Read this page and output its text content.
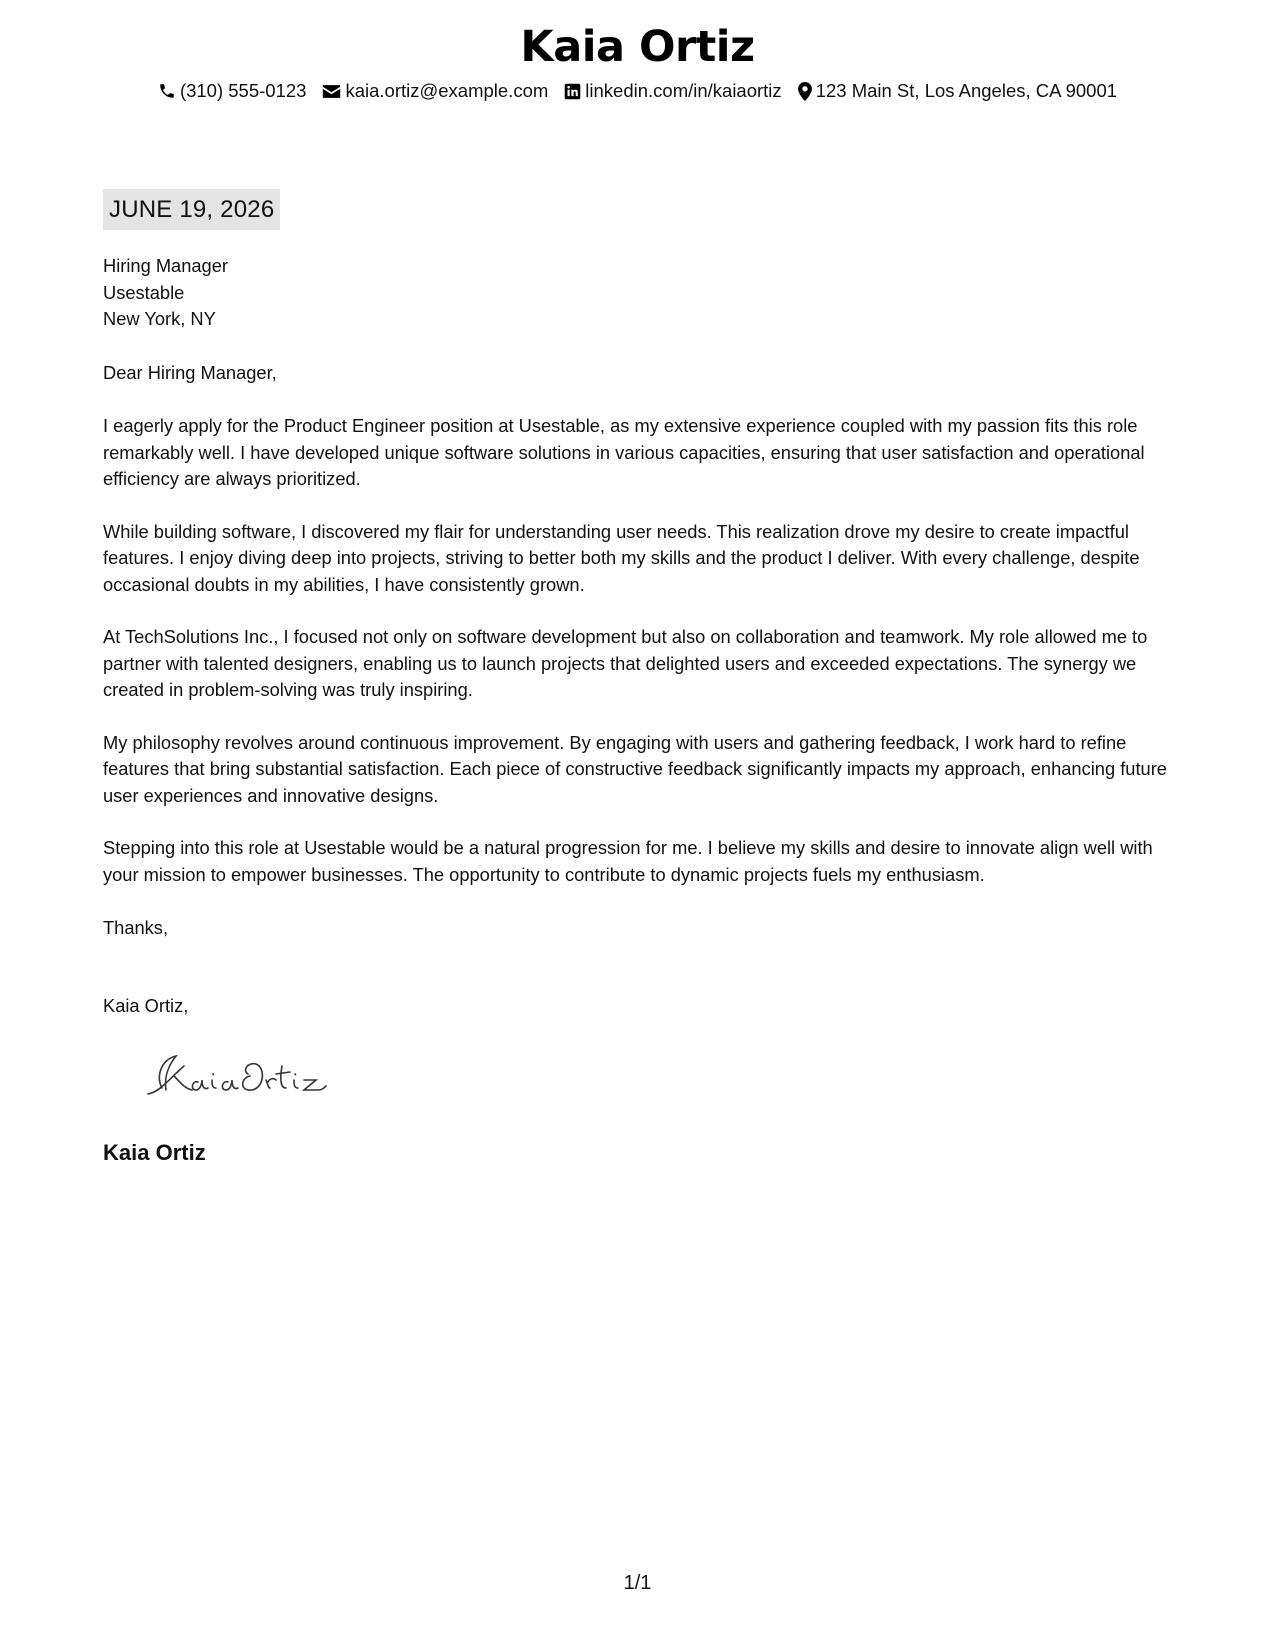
Kaia Ortiz
(310) 555-0123 kaia.ortiz@example.com linkedin.com/in/kaiaortiz 123 Main St, Los Angeles, CA 90001
JUNE 19, 2026
Hiring Manager
Usestable
New York, NY
Dear Hiring Manager,

I eagerly apply for the Product Engineer position at Usestable, as my extensive experience coupled with my passion fits this role remarkably well. I have developed unique software solutions in various capacities, ensuring that user satisfaction and operational efficiency are always prioritized.

While building software, I discovered my flair for understanding user needs. This realization drove my desire to create impactful features. I enjoy diving deep into projects, striving to better both my skills and the product I deliver. With every challenge, despite occasional doubts in my abilities, I have consistently grown.

At TechSolutions Inc., I focused not only on software development but also on collaboration and teamwork. My role allowed me to partner with talented designers, enabling us to launch projects that delighted users and exceeded expectations. The synergy we created in problem-solving was truly inspiring.

My philosophy revolves around continuous improvement. By engaging with users and gathering feedback, I work hard to refine features that bring substantial satisfaction. Each piece of constructive feedback significantly impacts my approach, enhancing future user experiences and innovative designs.

Stepping into this role at Usestable would be a natural progression for me. I believe my skills and desire to innovate align well with your mission to empower businesses. The opportunity to contribute to dynamic projects fuels my enthusiasm.

Thanks,
Kaia Ortiz,
Kaia Ortiz
1/1
